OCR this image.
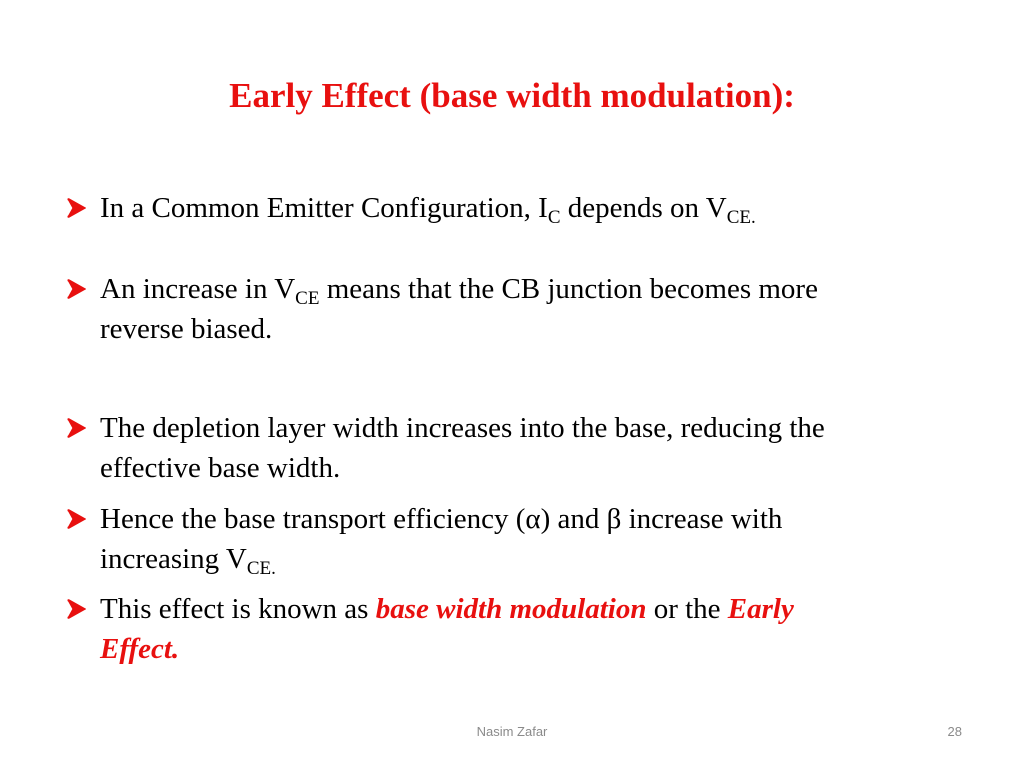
Early Effect (base width modulation):
In a Common Emitter Configuration, $I_C$ depends on $V_{CE.}$
An increase in $V_{CE}$ means that the CB junction becomes more
reverse biased.
The depletion layer width increases into the base, reducing the
effective base width.
Hence the base transport efficiency (α) and β increase with
increasing $V_{CE.}$
This effect is known as base width modulation or the Early
Effect.
Nasim Zafar	28
